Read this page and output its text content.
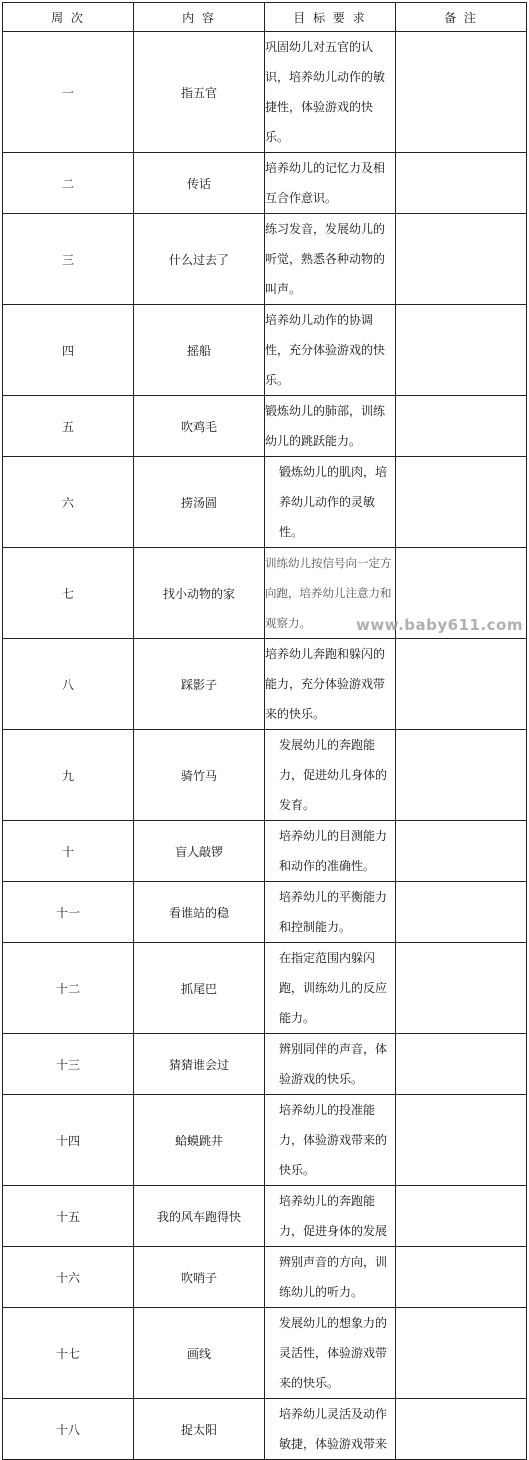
周 次	内 容	目 标 要 求	备 注
一	指五官	巩固幼儿对五官的认识，培养幼儿动作的敏捷性，体验游戏的快乐。	
二	传话	培养幼儿的记忆力及相互合作意识。	
三	什么过去了	练习发音，发展幼儿的听觉，熟悉各种动物的叫声。	
四	摇船	培养幼儿动作的协调性，充分体验游戏的快乐。	
五	吹鸡毛	锻炼幼儿的肺部，训练幼儿的跳跃能力。	
六	捞汤圆	锻炼幼儿的肌肉，培养幼儿动作的灵敏性。	
七	找小动物的家	训练幼儿按信号向一定方向跑，培养幼儿注意力和观察力。	
八	踩影子	培养幼儿奔跑和躲闪的能力，充分体验游戏带来的快乐。	
九	骑竹马	发展幼儿的奔跑能力，促进幼儿身体的发育。	
十	盲人敲锣	培养幼儿的目测能力和动作的准确性。	
十一	看谁站的稳	培养幼儿的平衡能力和控制能力。	
十二	抓尾巴	在指定范围内躲闪跑，训练幼儿的反应能力。	
十三	猜猜谁会过	辨别同伴的声音，体验游戏的快乐。	
十四	蛤蟆跳井	培养幼儿的投准能力，体验游戏带来的快乐。	
十五	我的风车跑得快	培养幼儿的奔跑能力，促进身体的发展	
十六	吹哨子	辨别声音的方向，训练幼儿的听力。	
十七	画线	发展幼儿的想象力的灵活性，体验游戏带来的快乐。	
十八	捉太阳	培养幼儿灵活及动作敏捷，体验游戏带来	
www.baby611.com
